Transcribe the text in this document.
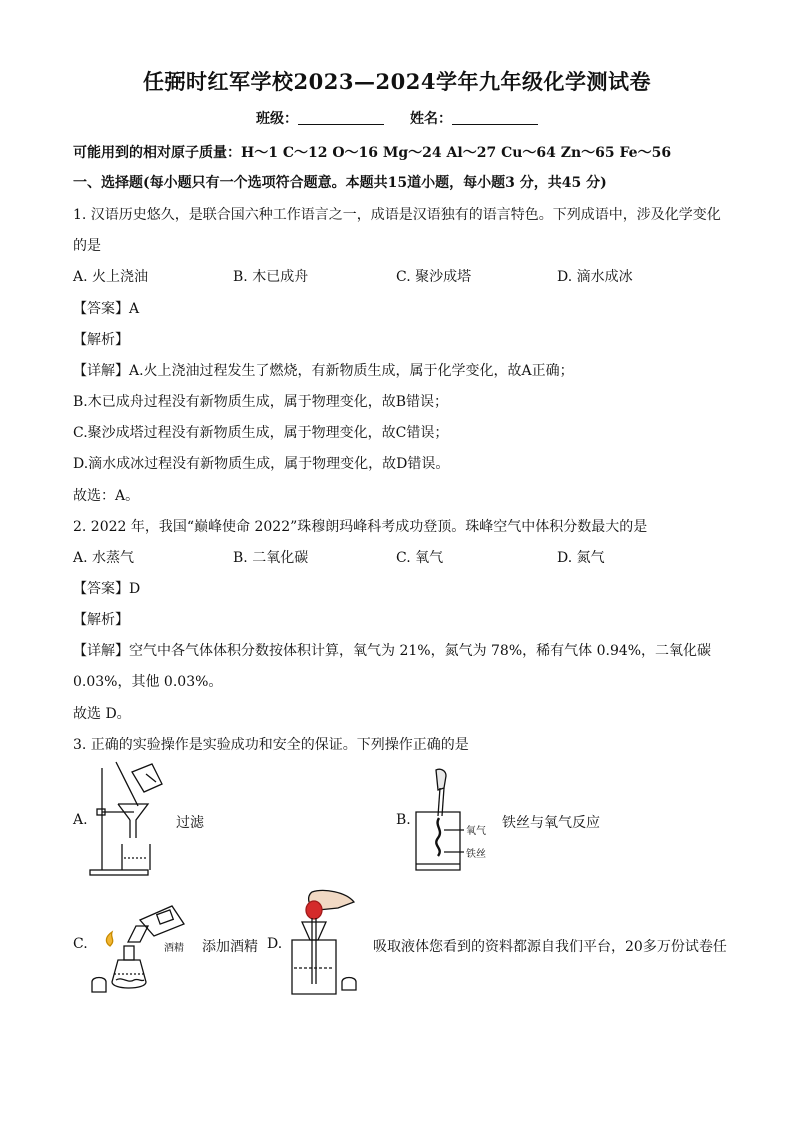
任弼时红军学校2023—2024学年九年级化学测试卷
班级：	姓名：
可能用到的相对原子质量：H～1 C～12 O～16 Mg～24 Al～27 Cu～64 Zn～65 Fe～56
一、选择题(每小题只有一个选项符合题意。本题共15道小题，每小题3 分，共45 分)
1. 汉语历史悠久，是联合国六种工作语言之一，成语是汉语独有的语言特色。下列成语中，涉及化学变化
的是
A. 火上浇油	B. 木已成舟	C. 聚沙成塔	D. 滴水成冰
【答案】A
【解析】
【详解】A.火上浇油过程发生了燃烧，有新物质生成，属于化学变化，故A正确；
B.木已成舟过程没有新物质生成，属于物理变化，故B错误；
C.聚沙成塔过程没有新物质生成，属于物理变化，故C错误；
D.滴水成冰过程没有新物质生成，属于物理变化，故D错误。
故选：A。
2. 2022 年，我国“巅峰使命 2022”珠穆朗玛峰科考成功登顶。珠峰空气中体积分数最大的是
A. 水蒸气	B. 二氧化碳	C. 氧气	D. 氮气
【答案】D
【解析】
【详解】空气中各气体体积分数按体积计算，氧气为 21%，氮气为 78%，稀有气体 0.94%，二氧化碳
0.03%，其他 0.03%。
故选 D。
3. 正确的实验操作是实验成功和安全的保证。下列操作正确的是
A.	过滤	B.
氧气
铁丝
铁丝与氧气反应
C.	酒精 添加酒精 D.	吸取液体您看到的资料都源自我们平台，20多万份试卷任
